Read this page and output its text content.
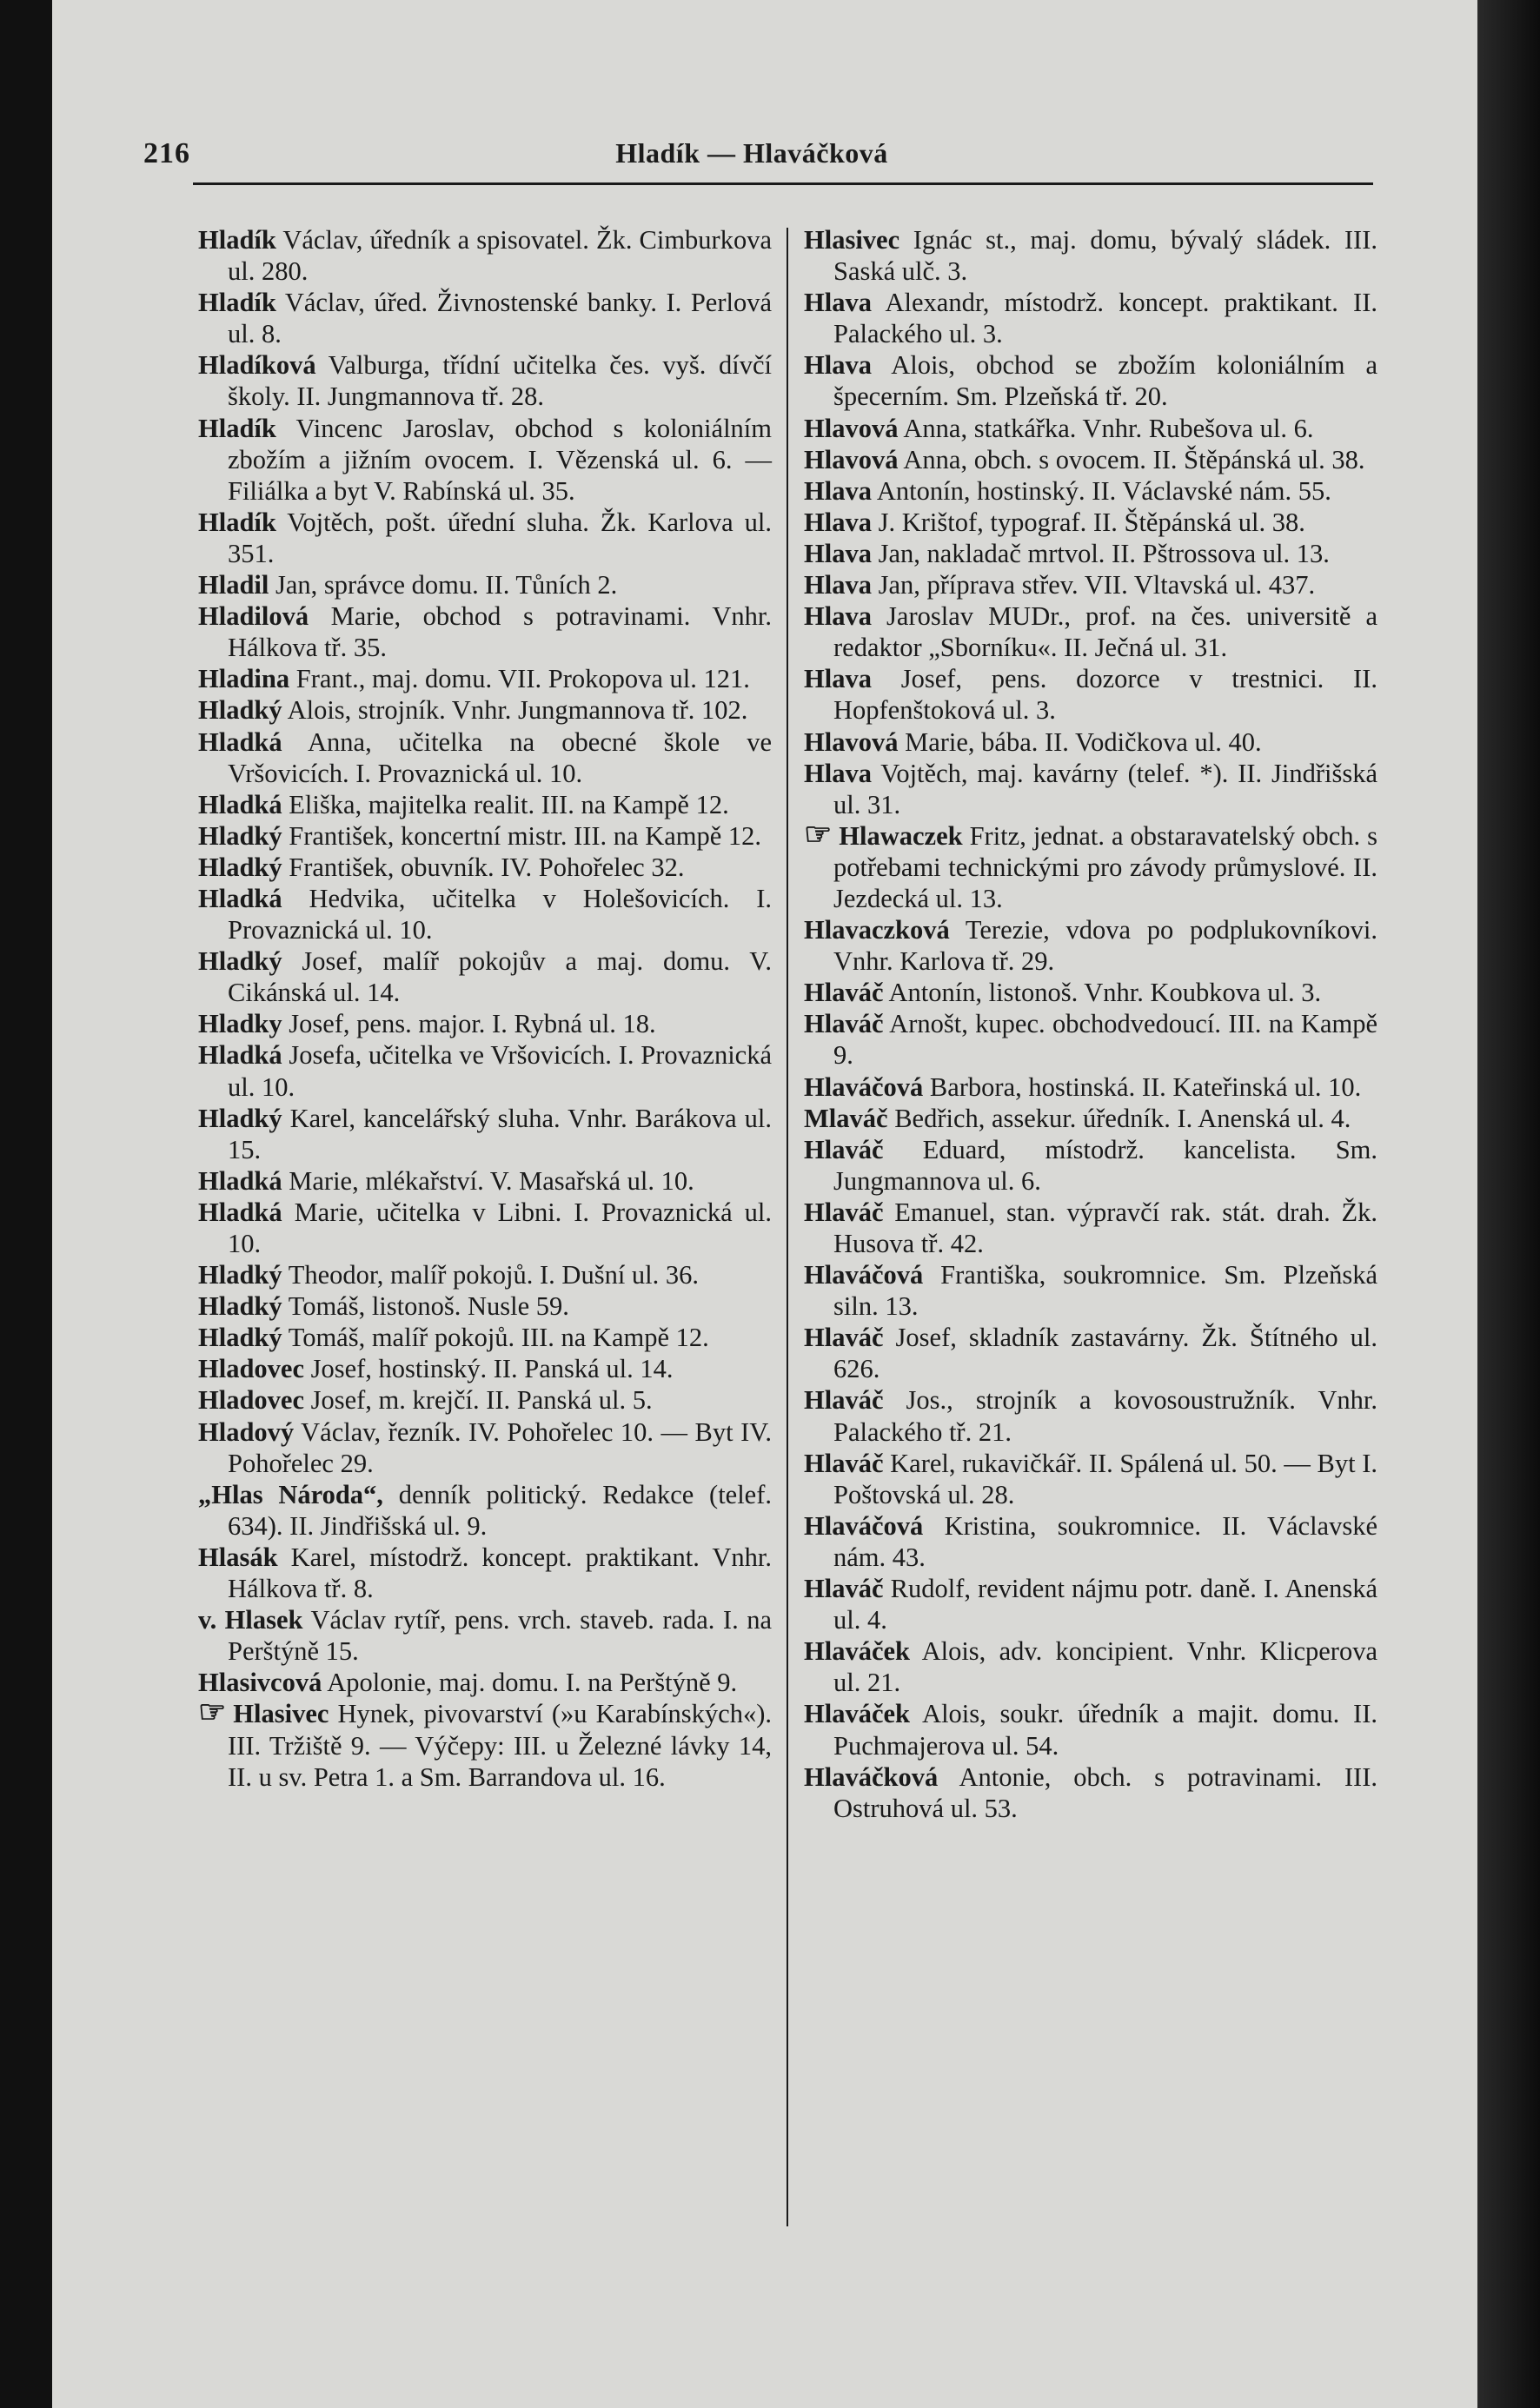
216	Hladík — Hlaváčková

Hladík Václav, úředník a spisovatel. Žk. Cimburkova ul. 280.

Hladík Václav, úřed. Živnostenské banky. I. Perlová ul. 8.

Hladíková Valburga, třídní učitelka čes. vyš. dívčí školy. II. Jungmannova tř. 28.

Hladík Vincenc Jaroslav, obchod s koloniálním zbožím a jižním ovocem. I. Vězenská ul. 6. — Filiálka a byt V. Rabínská ul. 35.

Hladík Vojtěch, pošt. úřední sluha. Žk. Karlova ul. 351.

Hladil Jan, správce domu. II. Tůních 2.

Hladilová Marie, obchod s potravinami. Vnhr. Hálkova tř. 35.

Hladina Frant., maj. domu. VII. Prokopova ul. 121.

Hladký Alois, strojník. Vnhr. Jungmannova tř. 102.

Hladká Anna, učitelka na obecné škole ve Vršovicích. I. Provaznická ul. 10.

Hladká Eliška, majitelka realit. III. na Kampě 12.

Hladký František, koncertní mistr. III. na Kampě 12.

Hladký František, obuvník. IV. Pohořelec 32.

Hladká Hedvika, učitelka v Holešovicích. I. Provaznická ul. 10.

Hladký Josef, malíř pokojův a maj. domu. V. Cikánská ul. 14.

Hladky Josef, pens. major. I. Rybná ul. 18.

Hladká Josefa, učitelka ve Vršovicích. I. Provaznická ul. 10.

Hladký Karel, kancelářský sluha. Vnhr. Barákova ul. 15.

Hladká Marie, mlékařství. V. Masařská ul. 10.

Hladká Marie, učitelka v Libni. I. Provaznická ul. 10.

Hladký Theodor, malíř pokojů. I. Dušní ul. 36.

Hladký Tomáš, listonoš. Nusle 59.

Hladký Tomáš, malíř pokojů. III. na Kampě 12.

Hladovec Josef, hostinský. II. Panská ul. 14.

Hladovec Josef, m. krejčí. II. Panská ul. 5.

Hladový Václav, řezník. IV. Pohořelec 10. — Byt IV. Pohořelec 29.

„Hlas Národa“, denník politický. Redakce (telef. 634). II. Jindřišská ul. 9.

Hlasák Karel, místodrž. koncept. praktikant. Vnhr. Hálkova tř. 8.

v. Hlasek Václav rytíř, pens. vrch. staveb. rada. I. na Perštýně 15.

Hlasivcová Apolonie, maj. domu. I. na Perštýně 9.

☞ Hlasivec Hynek, pivovarství (»u Karabínských«). III. Tržiště 9. — Výčepy: III. u Železné lávky 14, II. u sv. Petra 1. a Sm. Barrandova ul. 16.

Hlasivec Ignác st., maj. domu, bývalý sládek. III. Saská ulč. 3.

Hlava Alexandr, místodrž. koncept. praktikant. II. Palackého ul. 3.

Hlava Alois, obchod se zbožím koloniálním a špecerním. Sm. Plzeňská tř. 20.

Hlavová Anna, statkářka. Vnhr. Rubešova ul. 6.

Hlavová Anna, obch. s ovocem. II. Štěpánská ul. 38.

Hlava Antonín, hostinský. II. Václavské nám. 55.

Hlava J. Krištof, typograf. II. Štěpánská ul. 38.

Hlava Jan, nakladač mrtvol. II. Pštrossova ul. 13.

Hlava Jan, příprava střev. VII. Vltavská ul. 437.

Hlava Jaroslav MUDr., prof. na čes. universitě a redaktor „Sborníku«. II. Ječná ul. 31.

Hlava Josef, pens. dozorce v trestnici. II. Hopfenštoková ul. 3.

Hlavová Marie, bába. II. Vodičkova ul. 40.

Hlava Vojtěch, maj. kavárny (telef. *). II. Jindřišská ul. 31.

☞ Hlawaczek Fritz, jednat. a obstaravatelský obch. s potřebami technickými pro závody průmyslové. II. Jezdecká ul. 13.

Hlavaczková Terezie, vdova po podplukovníkovi. Vnhr. Karlova tř. 29.

Hlaváč Antonín, listonoš. Vnhr. Koubkova ul. 3.

Hlaváč Arnošt, kupec. obchodvedoucí. III. na Kampě 9.

Hlaváčová Barbora, hostinská. II. Kateřinská ul. 10.

Mlaváč Bedřich, assekur. úředník. I. Anenská ul. 4.

Hlaváč Eduard, místodrž. kancelista. Sm. Jungmannova ul. 6.

Hlaváč Emanuel, stan. výpravčí rak. stát. drah. Žk. Husova tř. 42.

Hlaváčová Františka, soukromnice. Sm. Plzeňská siln. 13.

Hlaváč Josef, skladník zastavárny. Žk. Štítného ul. 626.

Hlaváč Jos., strojník a kovosoustružník. Vnhr. Palackého tř. 21.

Hlaváč Karel, rukavičkář. II. Spálená ul. 50. — Byt I. Poštovská ul. 28.

Hlaváčová Kristina, soukromnice. II. Václavské nám. 43.

Hlaváč Rudolf, revident nájmu potr. daně. I. Anenská ul. 4.

Hlaváček Alois, adv. koncipient. Vnhr. Klicperova ul. 21.

Hlaváček Alois, soukr. úředník a majit. domu. II. Puchmajerova ul. 54.

Hlaváčková Antonie, obch. s potravinami. III. Ostruhová ul. 53.
